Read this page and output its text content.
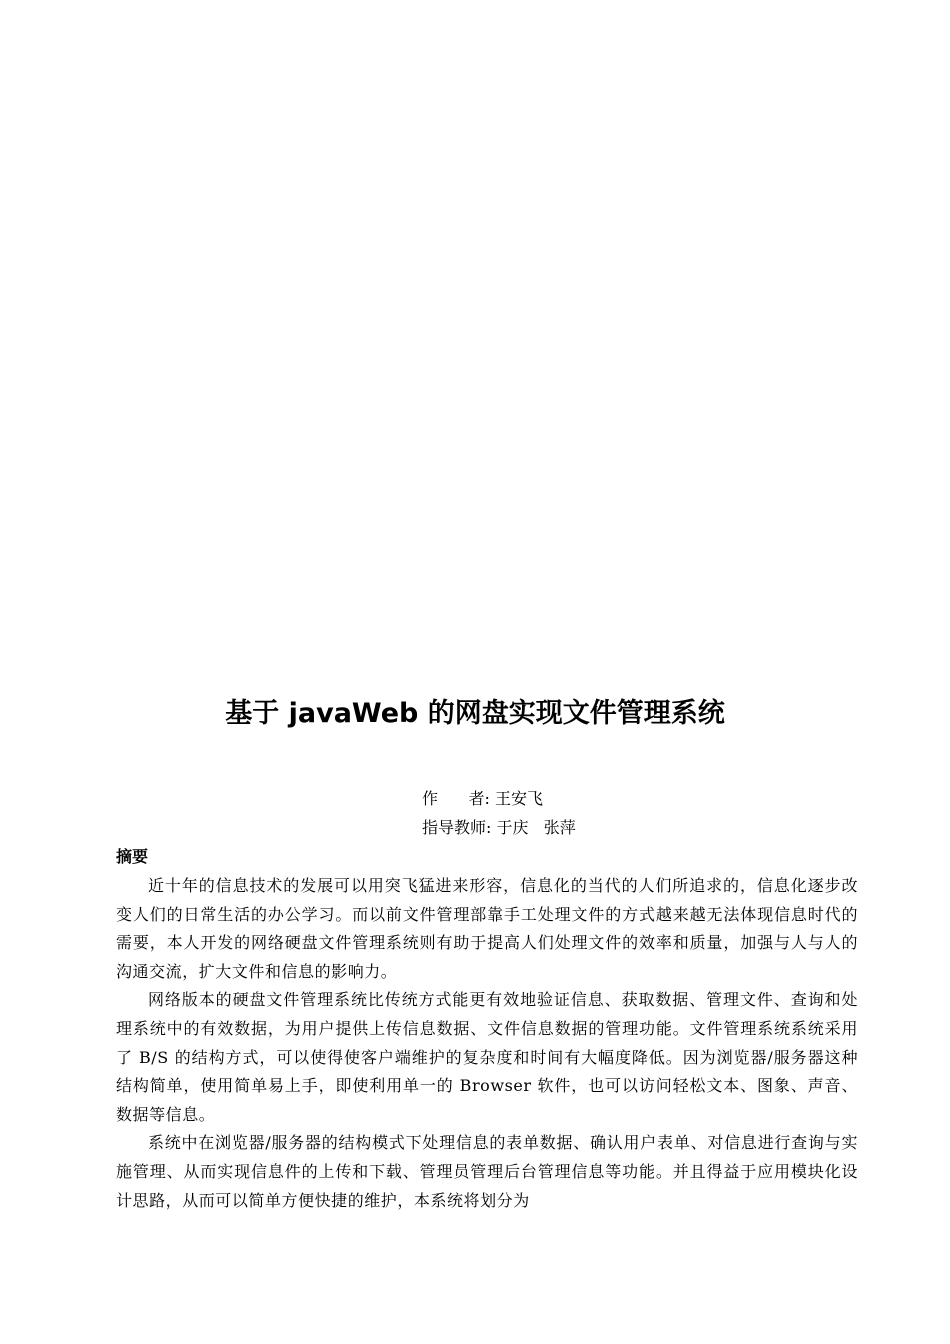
基于 javaWeb 的网盘实现文件管理系统
作      者: 王安飞
指导教师: 于庆   张萍
摘要

近十年的信息技术的发展可以用突飞猛进来形容，信息化的当代的人们所追求的，信息化逐步改变人们的日常生活的办公学习。而以前文件管理部靠手工处理文件的方式越来越无法体现信息时代的需要，本人开发的网络硬盘文件管理系统则有助于提高人们处理文件的效率和质量，加强与人与人的沟通交流，扩大文件和信息的影响力。

网络版本的硬盘文件管理系统比传统方式能更有效地验证信息、获取数据、管理文件、查询和处理系统中的有效数据，为用户提供上传信息数据、文件信息数据的管理功能。文件管理系统系统采用了 B/S 的结构方式，可以使得使客户端维护的复杂度和时间有大幅度降低。因为浏览器/服务器这种结构简单，使用简单易上手，即使利用单一的 Browser 软件，也可以访问轻松文本、图象、声音、数据等信息。

系统中在浏览器/服务器的结构模式下处理信息的表单数据、确认用户表单、对信息进行查询与实施管理、从而实现信息件的上传和下载、管理员管理后台管理信息等功能。并且得益于应用模块化设计思路，从而可以简单方便快捷的维护，本系统将划分为
